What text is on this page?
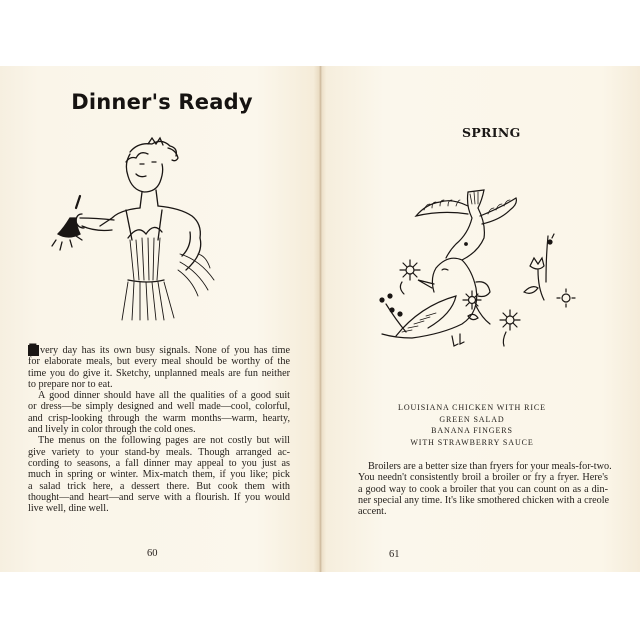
Dinner's Ready

E very day has its own busy signals. None of you has time
for elaborate meals, but every meal should be worthy of the
time you do give it. Sketchy, unplanned meals are fun neither
to prepare nor to eat.

A good dinner should have all the qualities of a good suit
or dress—be simply designed and well made—cool, colorful,
and crisp-looking through the warm months—warm, hearty,
and lively in color through the cold ones.

The menus on the following pages are not costly but will
give variety to your stand-by meals. Though arranged ac-
cording to seasons, a fall dinner may appeal to you just as
much in spring or winter. Mix-match them, if you like; pick
a salad trick here, a dessert there. But cook them with
thought—and heart—and serve with a flourish. If you would
live well, dine well.

60
SPRING
LOUISIANA CHICKEN WITH RICE
GREEN SALAD
BANANA FINGERS
WITH STRAWBERRY SAUCE

Broilers are a better size than fryers for your meals-for-two.
You needn't consistently broil a broiler or fry a fryer. Here's
a good way to cook a broiler that you can count on as a din-
ner special any time. It's like smothered chicken with a creole
accent.

61
